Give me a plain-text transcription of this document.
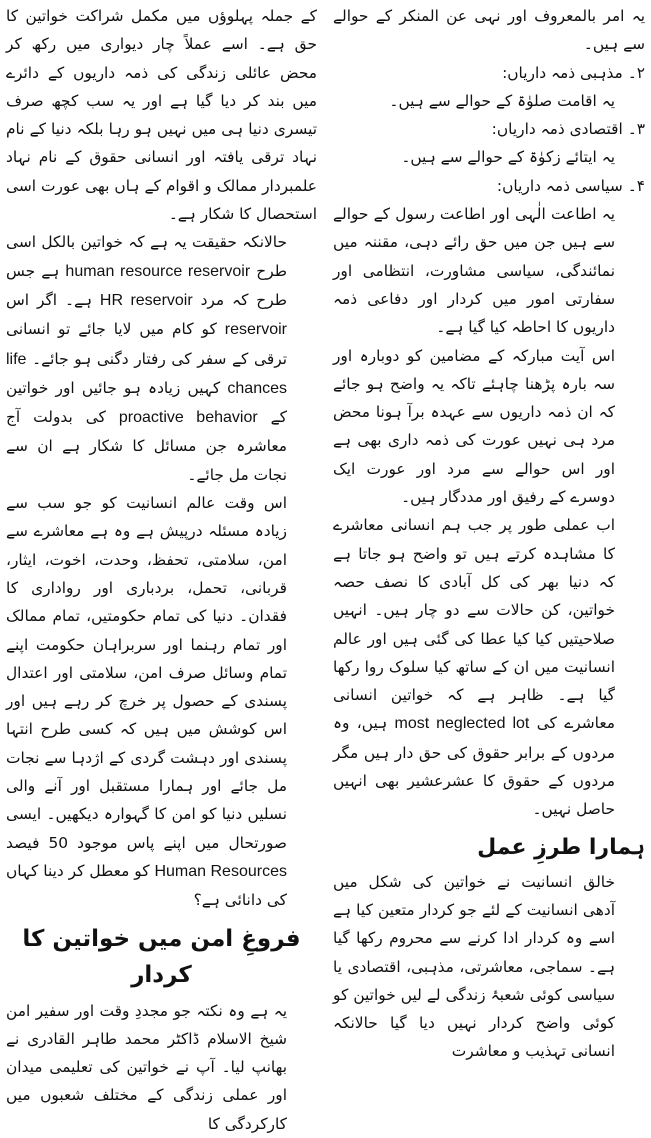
یہ امر بالمعروف اور نہی عن المنکر کے حوالے سے ہیں۔

۲۔ مذہبی ذمہ داریاں:

یہ اقامت صلوٰۃ کے حوالے سے ہیں۔

۳۔ اقتصادی ذمہ داریاں:

یہ ایتائے زکوٰۃ کے حوالے سے ہیں۔

۴۔ سیاسی ذمہ داریاں:

یہ اطاعت الٰہی اور اطاعت رسول کے حوالے سے ہیں جن میں حق رائے دہی، مقننہ میں نمائندگی، سیاسی مشاورت، انتظامی اور سفارتی امور میں کردار اور دفاعی ذمہ داریوں کا احاطہ کیا گیا ہے۔

اس آیت مبارکہ کے مضامین کو دوبارہ اور سہ بارہ پڑھنا چاہئے تاکہ یہ واضح ہو جائے کہ ان ذمہ داریوں سے عہدہ برآ ہونا محض مرد ہی نہیں عورت کی ذمہ داری بھی ہے اور اس حوالے سے مرد اور عورت ایک دوسرے کے رفیق اور مددگار ہیں۔

اب عملی طور پر جب ہم انسانی معاشرے کا مشاہدہ کرتے ہیں تو واضح ہو جاتا ہے کہ دنیا بھر کی کل آبادی کا نصف حصہ خواتین، کن حالات سے دو چار ہیں۔ انہیں صلاحیتیں کیا کیا عطا کی گئی ہیں اور عالم انسانیت میں ان کے ساتھ کیا سلوک روا رکھا گیا ہے۔ ظاہر ہے کہ خواتین انسانی معاشرے کی most neglected lot ہیں، وہ مردوں کے برابر حقوق کی حق دار ہیں مگر مردوں کے حقوق کا عشرعشیر بھی انہیں حاصل نہیں۔

ہمارا طرزِ عمل

خالق انسانیت نے خواتین کی شکل میں آدھی انسانیت کے لئے جو کردار متعین کیا ہے اسے وہ کردار ادا کرنے سے محروم رکھا گیا ہے۔ سماجی، معاشرتی، مذہبی، اقتصادی یا سیاسی کوئی شعبۂ زندگی لے لیں خواتین کو کوئی واضح کردار نہیں دیا گیا حالانکہ انسانی تہذیب و معاشرت

کے جملہ پہلوؤں میں مکمل شراکت خواتین کا حق ہے۔ اسے عملاً چار دیواری میں رکھ کر محض عائلی زندگی کی ذمہ داریوں کے دائرے میں بند کر دیا گیا ہے اور یہ سب کچھ صرف تیسری دنیا ہی میں نہیں ہو رہا بلکہ دنیا کے نام نہاد ترقی یافتہ اور انسانی حقوق کے نام نہاد علمبردار ممالک و اقوام کے ہاں بھی عورت اسی استحصال کا شکار ہے۔

حالانکہ حقیقت یہ ہے کہ خواتین بالکل اسی طرح human resource reservoir ہے جس طرح کہ مرد HR reservoir ہے۔ اگر اس reservoir کو کام میں لایا جائے تو انسانی ترقی کے سفر کی رفتار دگنی ہو جائے۔ life chances کہیں زیادہ ہو جائیں اور خواتین کے proactive behavior کی بدولت آج معاشرہ جن مسائل کا شکار ہے ان سے نجات مل جائے۔

اس وقت عالم انسانیت کو جو سب سے زیادہ مسئلہ درپیش ہے وہ ہے معاشرے سے امن، سلامتی، تحفظ، وحدت، اخوت، ایثار، قربانی، تحمل، بردباری اور رواداری کا فقدان۔ دنیا کی تمام حکومتیں، تمام ممالک اور تمام رہنما اور سربراہان حکومت اپنے تمام وسائل صرف امن، سلامتی اور اعتدال پسندی کے حصول پر خرچ کر رہے ہیں اور اس کوشش میں ہیں کہ کسی طرح انتہا پسندی اور دہشت گردی کے اژدہا سے نجات مل جائے اور ہمارا مستقبل اور آنے والی نسلیں دنیا کو امن کا گہوارہ دیکھیں۔ ایسی صورتحال میں اپنے پاس موجود 50 فیصد Human Resources کو معطل کر دینا کہاں کی دانائی ہے؟

فروغِ امن میں خواتین کا کردار

یہ ہے وہ نکتہ جو مجددِ وقت اور سفیر امن شیخ الاسلام ڈاکٹر محمد طاہر القادری نے بھانپ لیا۔ آپ نے خواتین کی تعلیمی میدان اور عملی زندگی کے مختلف شعبوں میں کارکردگی کا
